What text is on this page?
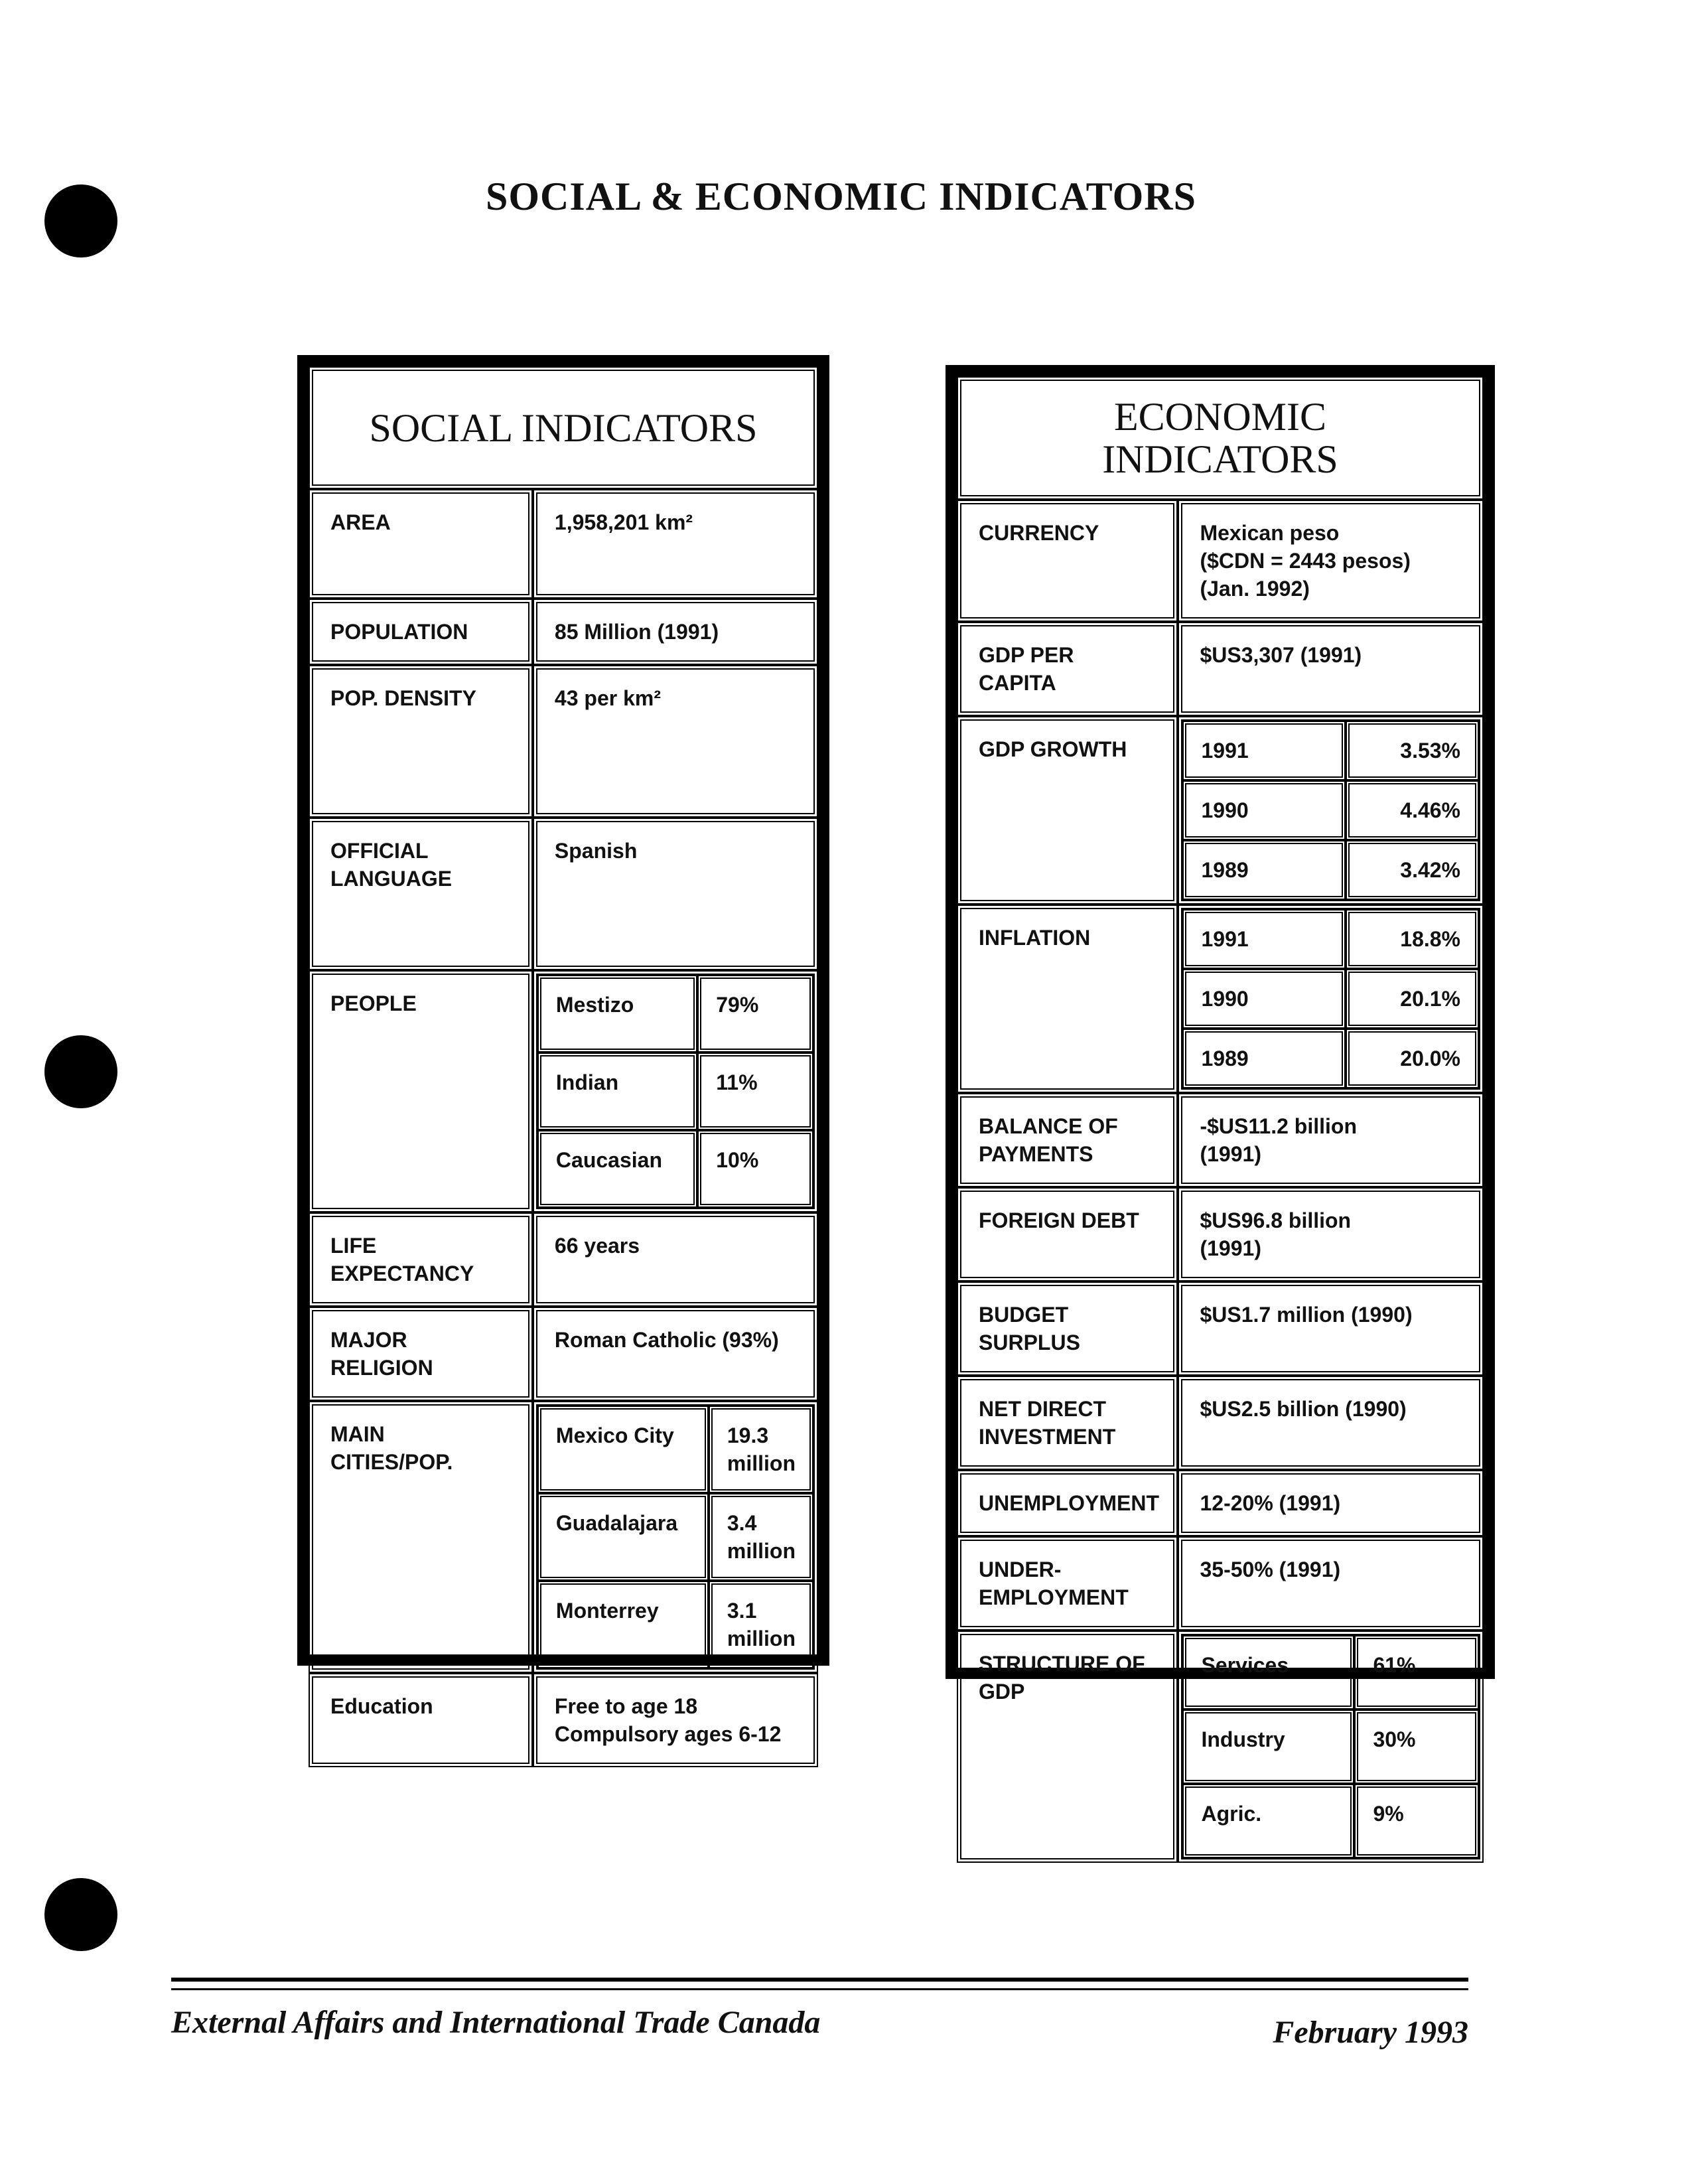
SOCIAL & ECONOMIC INDICATORS
SOCIAL INDICATORS
AREA	1,958,201 km²
POPULATION	85 Million (1991)
POP. DENSITY	43 per km²
OFFICIAL
LANGUAGE	Spanish
PEOPLE		Mestizo	79%
Indian	11%
Caucasian	10%

LIFE
EXPECTANCY	66 years
MAJOR RELIGION	Roman Catholic (93%)
MAIN CITIES/POP.	
Mexico City	19.3
million
Guadalajara	3.4
million
Monterrey	3.1
million

Education	Free to age 18
Compulsory ages 6-12
ECONOMIC
INDICATORS
CURRENCY	Mexican peso
($CDN = 2443 pesos)
(Jan. 1992)
GDP PER CAPITA	$US3,307 (1991)
GDP GROWTH		1991	3.53%
1990	4.46%
1989	3.42%

INFLATION		1991	18.8%
1990	20.1%
1989	20.0%

BALANCE OF
PAYMENTS	-$US11.2 billion
(1991)
FOREIGN DEBT	$US96.8 billion
(1991)
BUDGET
SURPLUS	$US1.7 million (1990)
NET DIRECT
INVESTMENT	$US2.5 billion (1990)
UNEMPLOYMENT	12-20% (1991)
UNDER-
EMPLOYMENT	35-50% (1991)
STRUCTURE OF
GDP	
Services	61%
Industry	30%
Agric.	9%
External Affairs and International Trade Canada	February 1993
